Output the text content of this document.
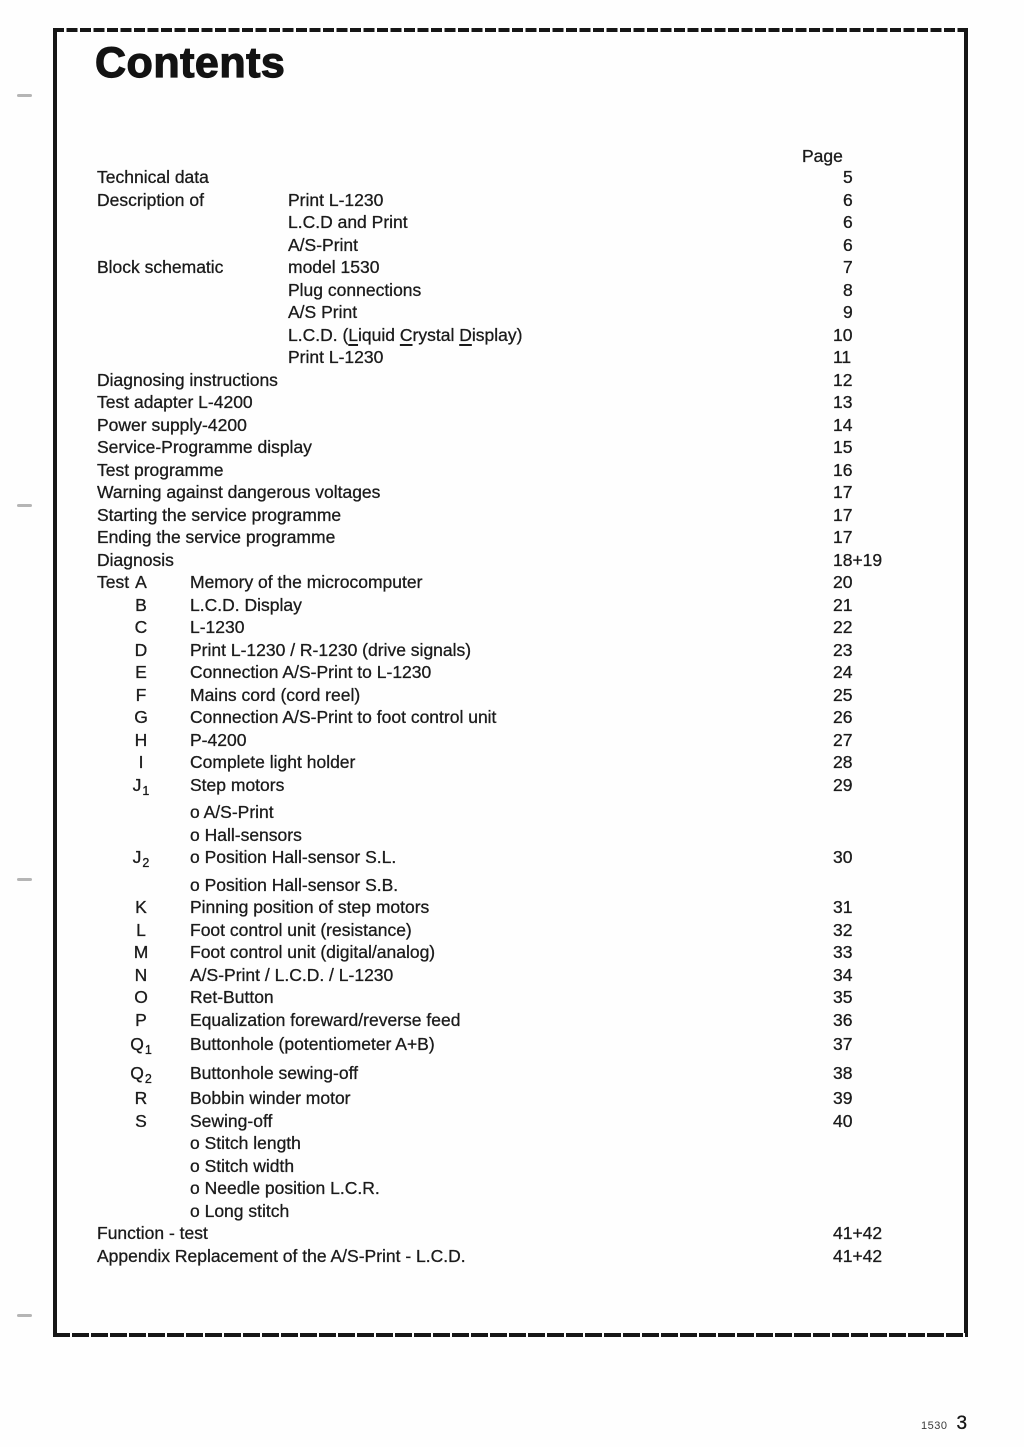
Contents
Page
Technical data	5
Description of	Print L-1230	6
L.C.D and Print	6
A/S-Print	6
Block schematic	model 1530	7
Plug connections	8
A/S Print	9
L.C.D. (Liquid Crystal Display)	10
Print L-1230	11
Diagnosing instructions	12
Test adapter L-4200	13
Power supply-4200	14
Service-Programme display	15
Test programme	16
Warning against dangerous voltages	17
Starting the service programme	17
Ending the service programme	17
Diagnosis	18+19
Test A	Memory of the microcomputer	20
B	L.C.D. Display	21
C	L-1230	22
D	Print L-1230 / R-1230 (drive signals)	23
E	Connection A/S-Print to L-1230	24
F	Mains cord (cord reel)	25
G	Connection A/S-Print to foot control unit	26
H	P-4200	27
I	Complete light holder	28
$J_1$	Step motors	29
o A/S-Print
o Hall-sensors
$J_2$	o Position Hall-sensor S.L.	30
o Position Hall-sensor S.B.
K	Pinning position of step motors	31
L	Foot control unit (resistance)	32
M	Foot control unit (digital/analog)	33
N	A/S-Print / L.C.D. / L-1230	34
O	Ret-Button	35
P	Equalization foreward/reverse feed	36
$Q_1$ Buttonhole (potentiometer A+B)	37
$Q_2$ Buttonhole sewing-off	38
R	Bobbin winder motor	39
S	Sewing-off	40
o Stitch length
o Stitch width
o Needle position L.C.R.
o Long stitch
Function - test	41+42
Appendix Replacement of the A/S-Print - L.C.D.	41+42
1530 3
